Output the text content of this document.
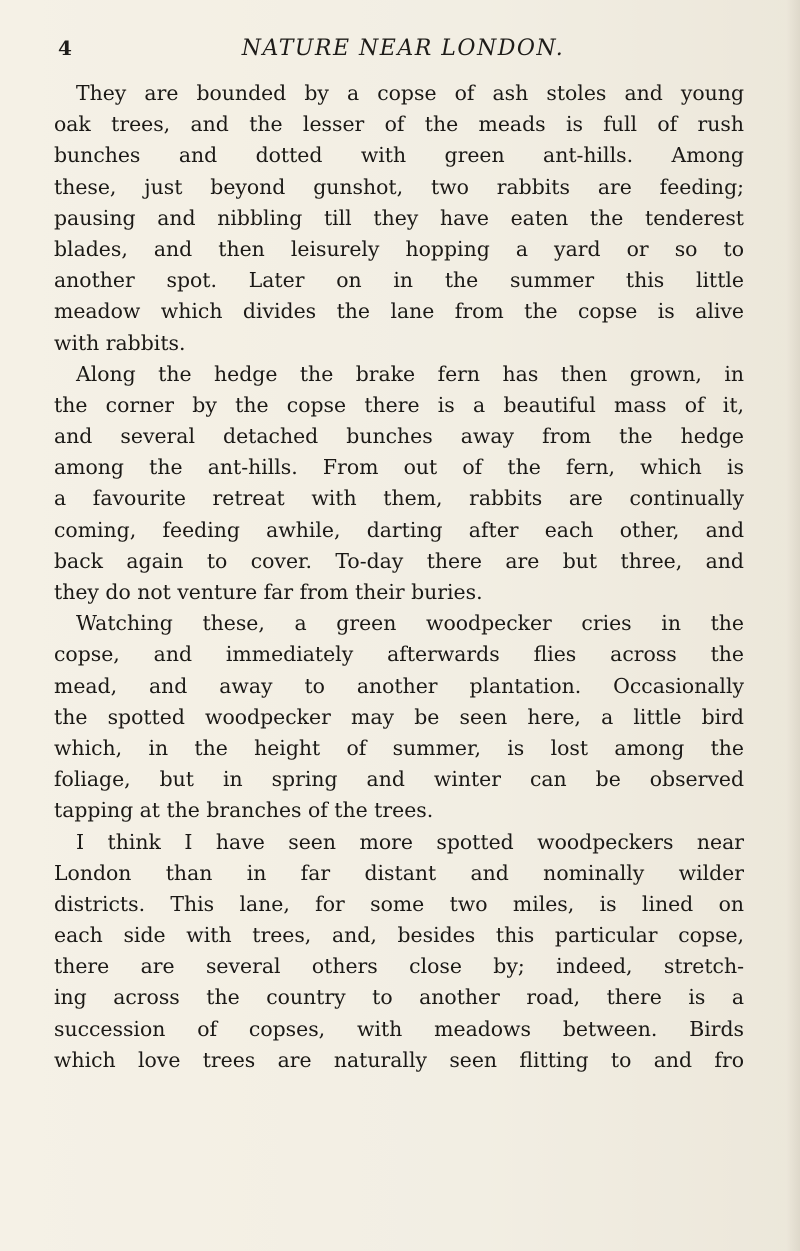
NATURE NEAR LONDON.
4
They are bounded by a copse of ash stoles and young
oak trees, and the lesser of the meads is full of rush
bunches and dotted with green ant-hills. Among
these, just beyond gunshot, two rabbits are feeding;
pausing and nibbling till they have eaten the tenderest
blades, and then leisurely hopping a yard or so to
another spot. Later on in the summer this little
meadow which divides the lane from the copse is alive
with rabbits.
Along the hedge the brake fern has then grown, in
the corner by the copse there is a beautiful mass of it,
and several detached bunches away from the hedge
among the ant-hills. From out of the fern, which is
a favourite retreat with them, rabbits are continually
coming, feeding awhile, darting after each other, and
back again to cover. To-day there are but three, and
they do not venture far from their buries.
Watching these, a green woodpecker cries in the
copse, and immediately afterwards flies across the
mead, and away to another plantation. Occasionally
the spotted woodpecker may be seen here, a little bird
which, in the height of summer, is lost among the
foliage, but in spring and winter can be observed
tapping at the branches of the trees.
I think I have seen more spotted woodpeckers near
London than in far distant and nominally wilder
districts. This lane, for some two miles, is lined on
each side with trees, and, besides this particular copse,
there are several others close by; indeed, stretch-
ing across the country to another road, there is a
succession of copses, with meadows between. Birds
which love trees are naturally seen flitting to and fro
